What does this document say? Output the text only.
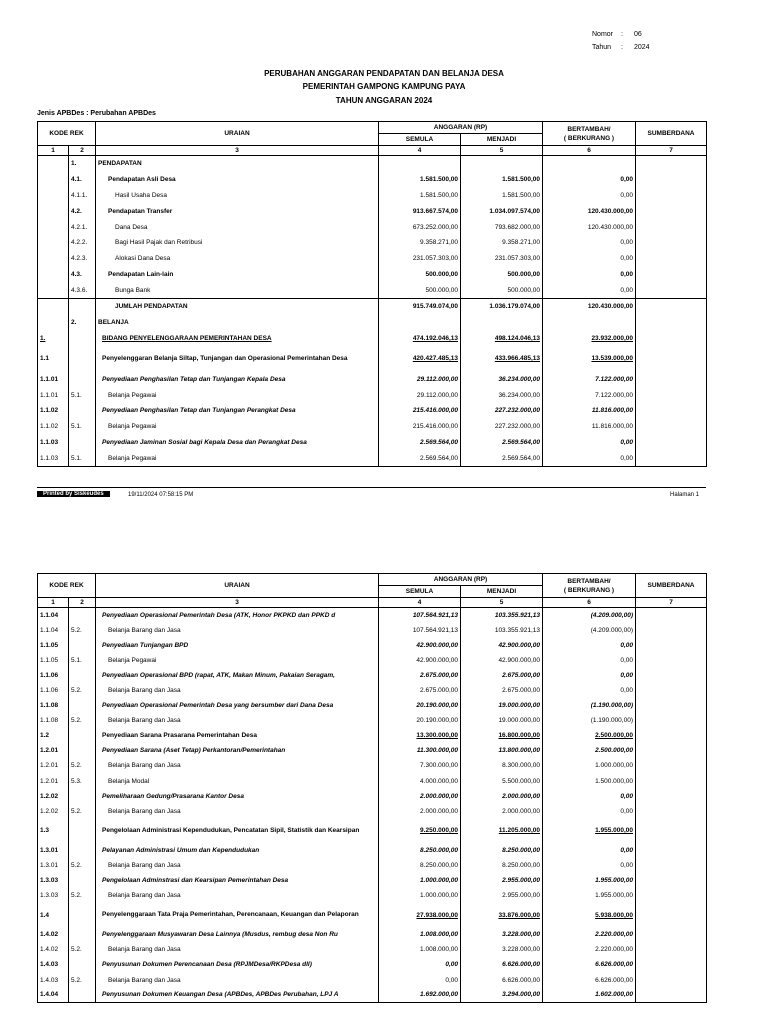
Nomor : 06
Tahun : 2024
PERUBAHAN ANGGARAN PENDAPATAN DAN BELANJA DESA
PEMERINTAH GAMPONG KAMPUNG PAYA
TAHUN ANGGARAN 2024
Jenis APBDes : Perubahan APBDes
KODE REK		URAIAN	ANGGARAN (RP)		BERTAMBAH/
( BERKURANG )	SUMBERDANA
			SEMULA	MENJADI		
1	2	3	4	5	6	7
	1.	PENDAPATAN				
	4.1.	Pendapatan Asli Desa	1.581.500,00	1.581.500,00	0,00	
	4.1.1.	Hasil Usaha Desa	1.581.500,00	1.581.500,00	0,00	
	4.2.	Pendapatan Transfer	913.667.574,00	1.034.097.574,00	120.430.000,00	
	4.2.1.	Dana Desa	673.252.000,00	793.682.000,00	120.430.000,00	
	4.2.2.	Bagi Hasil Pajak dan Retribusi	9.358.271,00	9.358.271,00	0,00	
	4.2.3.	Alokasi Dana Desa	231.057.303,00	231.057.303,00	0,00	
	4.3.	Pendapatan Lain-lain	500.000,00	500.000,00	0,00	
	4.3.6.	Bunga Bank	500.000,00	500.000,00	0,00	
		JUMLAH PENDAPATAN	915.749.074,00	1.036.179.074,00	120.430.000,00	
	2.	BELANJA				
1.		BIDANG PENYELENGGARAAN PEMERINTAHAN DESA	474.192.046,13	498.124.046,13	23.932.000,00	
1.1		Penyelenggaran Belanja Siltap, Tunjangan dan Operasional Pemerintahan Desa	420.427.485,13	433.966.485,13	13.539.000,00	
1.1.01		Penyediaan Penghasilan Tetap dan Tunjangan Kepala Desa	29.112.000,00	36.234.000,00	7.122.000,00	
1.1.01	5.1.	Belanja Pegawai	29.112.000,00	36.234.000,00	7.122.000,00	
1.1.02		Penyediaan Penghasilan Tetap dan Tunjangan Perangkat Desa	215.416.000,00	227.232.000,00	11.816.000,00	
1.1.02	5.1.	Belanja Pegawai	215.416.000,00	227.232.000,00	11.816.000,00	
1.1.03		Penyediaan Jaminan Sosial bagi Kepala Desa dan Perangkat Desa	2.569.564,00	2.569.564,00	0,00	
1.1.03	5.1.	Belanja Pegawai	2.569.564,00	2.569.564,00	0,00	
Printed by Siskeudes	19/11/2024 07:58:15 PM	Halaman 1
KODE REK		URAIAN	ANGGARAN (RP)		BERTAMBAH/
( BERKURANG )	SUMBERDANA
			SEMULA	MENJADI		
1	2	3	4	5	6	7
1.1.04		Penyediaan Operasional Pemerintah Desa (ATK, Honor PKPKD dan PPKD d	107.564.921,13	103.355.921,13	(4.209.000,00)	
1.1.04	5.2.	Belanja Barang dan Jasa	107.564.921,13	103.355.921,13	(4.209.000,00)	
1.1.05		Penyediaan Tunjangan BPD	42.900.000,00	42.900.000,00	0,00	
1.1.05	5.1.	Belanja Pegawai	42.900.000,00	42.900.000,00	0,00	
1.1.06		Penyediaan Operasional BPD (rapat, ATK, Makan Minum, Pakaian Seragam,	2.675.000,00	2.675.000,00	0,00	
1.1.06	5.2.	Belanja Barang dan Jasa	2.675.000,00	2.675.000,00	0,00	
1.1.08		Penyediaan Operasional Pemerintah Desa yang bersumber dari Dana Desa	20.190.000,00	19.000.000,00	(1.190.000,00)	
1.1.08	5.2.	Belanja Barang dan Jasa	20.190.000,00	19.000.000,00	(1.190.000,00)	
1.2		Penyediaan Sarana Prasarana Pemerintahan Desa	13.300.000,00	16.800.000,00	2.500.000,00	
1.2.01		Penyediaan Sarana (Aset Tetap) Perkantoran/Pemerintahan	11.300.000,00	13.800.000,00	2.500.000,00	
1.2.01	5.2.	Belanja Barang dan Jasa	7.300.000,00	8.300.000,00	1.000.000,00	
1.2.01	5.3.	Belanja Modal	4.000.000,00	5.500.000,00	1.500.000,00	
1.2.02		Pemeliharaan Gedung/Prasarana Kantor Desa	2.000.000,00	2.000.000,00	0,00	
1.2.02	5.2.	Belanja Barang dan Jasa	2.000.000,00	2.000.000,00	0,00	
1.3		Pengelolaan Administrasi Kependudukan, Pencatatan Sipil, Statistik dan Kearsipan	9.250.000,00	11.205.000,00	1.955.000,00	
1.3.01		Pelayanan Administrasi Umum dan Kependudukan	8.250.000,00	8.250.000,00	0,00	
1.3.01	5.2.	Belanja Barang dan Jasa	8.250.000,00	8.250.000,00	0,00	
1.3.03		Pengelolaan Adminstrasi dan Kearsipan Pemerintahan Desa	1.000.000,00	2.955.000,00	1.955.000,00	
1.3.03	5.2.	Belanja Barang dan Jasa	1.000.000,00	2.955.000,00	1.955.000,00	
1.4		Penyelenggaraan Tata Praja Pemerintahan, Perencanaan, Keuangan dan Pelaporan	27.938.000,00	33.876.000,00	5.938.000,00	
1.4.02		Penyelenggaraan Musyawaran Desa Lainnya (Musdus, rembug desa Non Ru	1.008.000,00	3.228.000,00	2.220.000,00	
1.4.02	5.2.	Belanja Barang dan Jasa	1.008.000,00	3.228.000,00	2.220.000,00	
1.4.03		Penyusunan Dokumen Perencanaan Desa (RPJMDesa/RKPDesa dll)	0,00	6.626.000,00	6.626.000,00	
1.4.03	5.2.	Belanja Barang dan Jasa	0,00	6.626.000,00	6.626.000,00	
1.4.04		Penyusunan Dokumen Keuangan Desa (APBDes, APBDes Perubahan, LPJ A	1.692.000,00	3.294.000,00	1.602.000,00	
